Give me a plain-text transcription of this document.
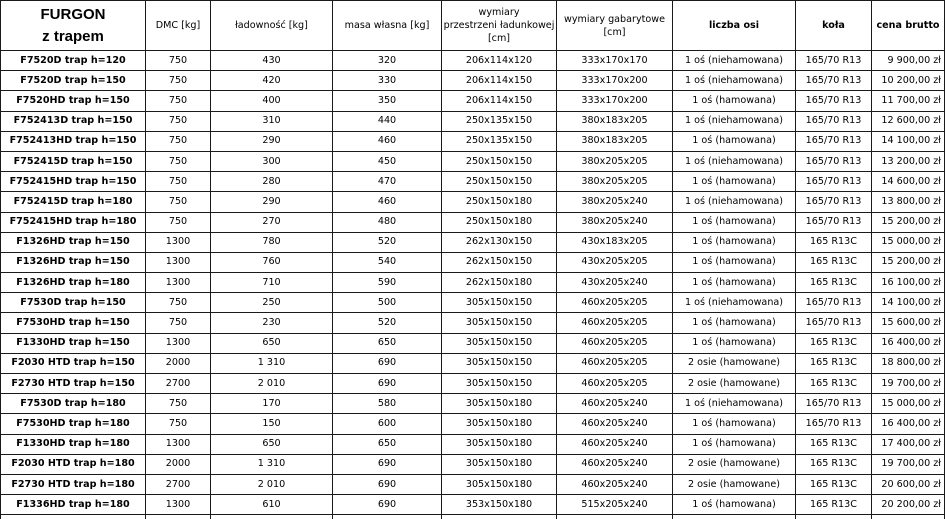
FURGON
z trapem	DMC [kg]	ładowność [kg]	masa własna [kg]	wymiary
przestrzeni ładunkowej
[cm]	wymiary gabarytowe
[cm]	liczba osi	koła	cena brutto

F7520D trap h=120	750	430	320	206x114x120	333x170x170	1 oś (niehamowana)	165/70 R13	9 900,00 zł
F7520D trap h=150	750	420	330	206x114x150	333x170x200	1 oś (niehamowana)	165/70 R13	10 200,00 zł
F7520HD trap h=150	750	400	350	206x114x150	333x170x200	1 oś (hamowana)	165/70 R13	11 700,00 zł
F752413D trap h=150	750	310	440	250x135x150	380x183x205	1 oś (niehamowana)	165/70 R13	12 600,00 zł
F752413HD trap h=150	750	290	460	250x135x150	380x183x205	1 oś (hamowana)	165/70 R13	14 100,00 zł
F752415D trap h=150	750	300	450	250x150x150	380x205x205	1 oś (niehamowana)	165/70 R13	13 200,00 zł
F752415HD trap h=150	750	280	470	250x150x150	380x205x205	1 oś (hamowana)	165/70 R13	14 600,00 zł
F752415D trap h=180	750	290	460	250x150x180	380x205x240	1 oś (niehamowana)	165/70 R13	13 800,00 zł
F752415HD trap h=180	750	270	480	250x150x180	380x205x240	1 oś (hamowana)	165/70 R13	15 200,00 zł
F1326HD trap h=150	1300	780	520	262x130x150	430x183x205	1 oś (hamowana)	165 R13C	15 000,00 zł
F1326HD trap h=150	1300	760	540	262x150x150	430x205x205	1 oś (hamowana)	165 R13C	15 200,00 zł
F1326HD trap h=180	1300	710	590	262x150x180	430x205x240	1 oś (hamowana)	165 R13C	16 100,00 zł
F7530D trap h=150	750	250	500	305x150x150	460x205x205	1 oś (niehamowana)	165/70 R13	14 100,00 zł
F7530HD trap h=150	750	230	520	305x150x150	460x205x205	1 oś (hamowana)	165/70 R13	15 600,00 zł
F1330HD trap h=150	1300	650	650	305x150x150	460x205x205	1 oś (hamowana)	165 R13C	16 400,00 zł
F2030 HTD trap h=150	2000	1 310	690	305x150x150	460x205x205	2 osie (hamowane)	165 R13C	18 800,00 zł
F2730 HTD trap h=150	2700	2 010	690	305x150x150	460x205x205	2 osie (hamowane)	165 R13C	19 700,00 zł
F7530D trap h=180	750	170	580	305x150x180	460x205x240	1 oś (niehamowana)	165/70 R13	15 000,00 zł
F7530HD trap h=180	750	150	600	305x150x180	460x205x240	1 oś (hamowana)	165/70 R13	16 400,00 zł
F1330HD trap h=180	1300	650	650	305x150x180	460x205x240	1 oś (hamowana)	165 R13C	17 400,00 zł
F2030 HTD trap h=180	2000	1 310	690	305x150x180	460x205x240	2 osie (hamowane)	165 R13C	19 700,00 zł
F2730 HTD trap h=180	2700	2 010	690	305x150x180	460x205x240	2 osie (hamowane)	165 R13C	20 600,00 zł
F1336HD trap h=180	1300	610	690	353x150x180	515x205x240	1 oś (hamowana)	165 R13C	20 200,00 zł
